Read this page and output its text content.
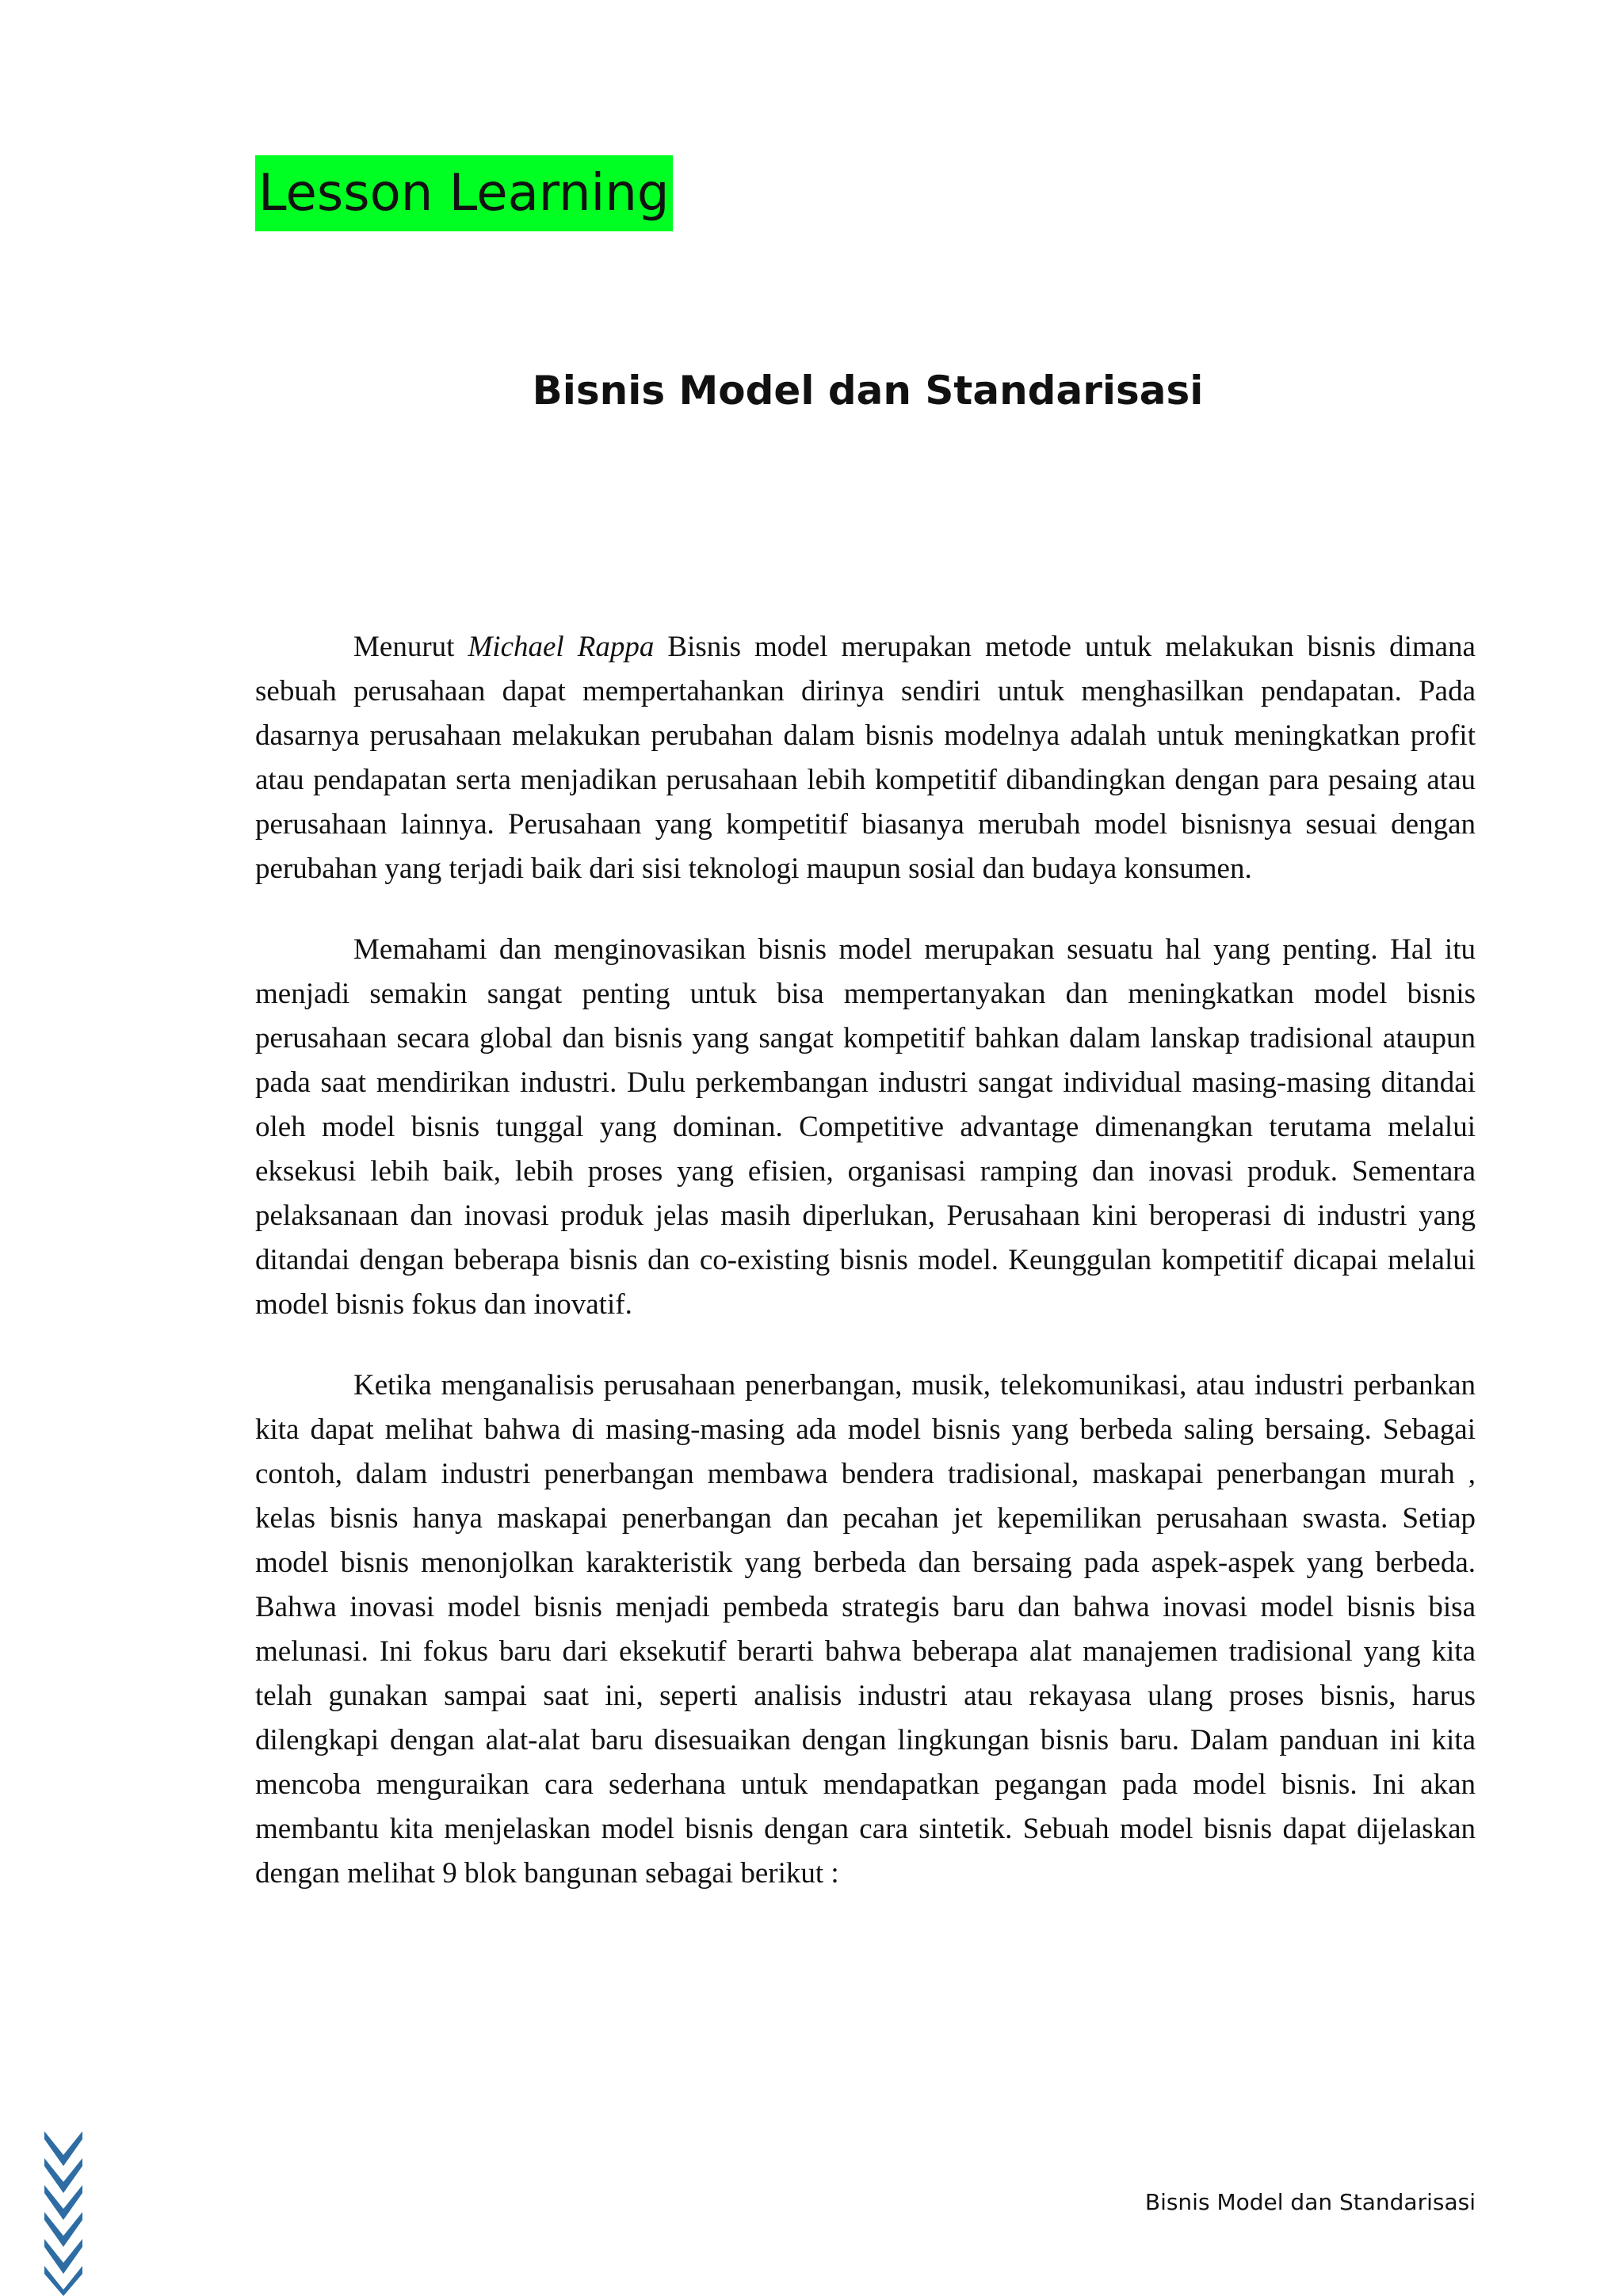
Lesson Learning
Bisnis Model dan Standarisasi

Menurut Michael Rappa Bisnis model merupakan metode untuk melakukan bisnis dimana sebuah perusahaan dapat mempertahankan dirinya sendiri untuk menghasilkan pendapatan. Pada dasarnya perusahaan melakukan perubahan dalam bisnis modelnya adalah untuk meningkatkan profit atau pendapatan serta menjadikan perusahaan lebih kompetitif dibandingkan dengan para pesaing atau perusahaan lainnya. Perusahaan yang kompetitif biasanya merubah model bisnisnya sesuai dengan perubahan yang terjadi baik dari sisi teknologi maupun sosial dan budaya konsumen.

Memahami dan menginovasikan bisnis model merupakan sesuatu hal yang penting. Hal itu menjadi semakin sangat penting untuk bisa mempertanyakan dan meningkatkan model bisnis perusahaan secara global dan bisnis yang sangat kompetitif bahkan dalam lanskap tradisional ataupun pada saat mendirikan industri. Dulu perkembangan industri sangat individual masing-masing ditandai oleh model bisnis tunggal yang dominan. Competitive advantage dimenangkan terutama melalui eksekusi lebih baik, lebih proses yang efisien, organisasi ramping dan inovasi produk. Sementara pelaksanaan dan inovasi produk jelas masih diperlukan, Perusahaan kini beroperasi di industri yang ditandai dengan beberapa bisnis dan co-existing bisnis model. Keunggulan kompetitif dicapai melalui model bisnis fokus dan inovatif.

Ketika menganalisis perusahaan penerbangan, musik, telekomunikasi, atau industri perbankan kita dapat melihat bahwa di masing-masing ada model bisnis yang berbeda saling bersaing. Sebagai contoh, dalam industri penerbangan membawa bendera tradisional, maskapai penerbangan murah , kelas bisnis hanya maskapai penerbangan dan pecahan jet kepemilikan perusahaan swasta. Setiap model bisnis menonjolkan karakteristik yang berbeda dan bersaing pada aspek-aspek yang berbeda. Bahwa inovasi model bisnis menjadi pembeda strategis baru dan bahwa inovasi model bisnis bisa melunasi. Ini fokus baru dari eksekutif berarti bahwa beberapa alat manajemen tradisional yang kita telah gunakan sampai saat ini, seperti analisis industri atau rekayasa ulang proses bisnis, harus dilengkapi dengan alat-alat baru disesuaikan dengan lingkungan bisnis baru. Dalam panduan ini kita mencoba menguraikan cara sederhana untuk mendapatkan pegangan pada model bisnis. Ini akan membantu kita menjelaskan model bisnis dengan cara sintetik. Sebuah model bisnis dapat dijelaskan dengan melihat 9 blok bangunan sebagai berikut :

Bisnis Model dan Standarisasi
